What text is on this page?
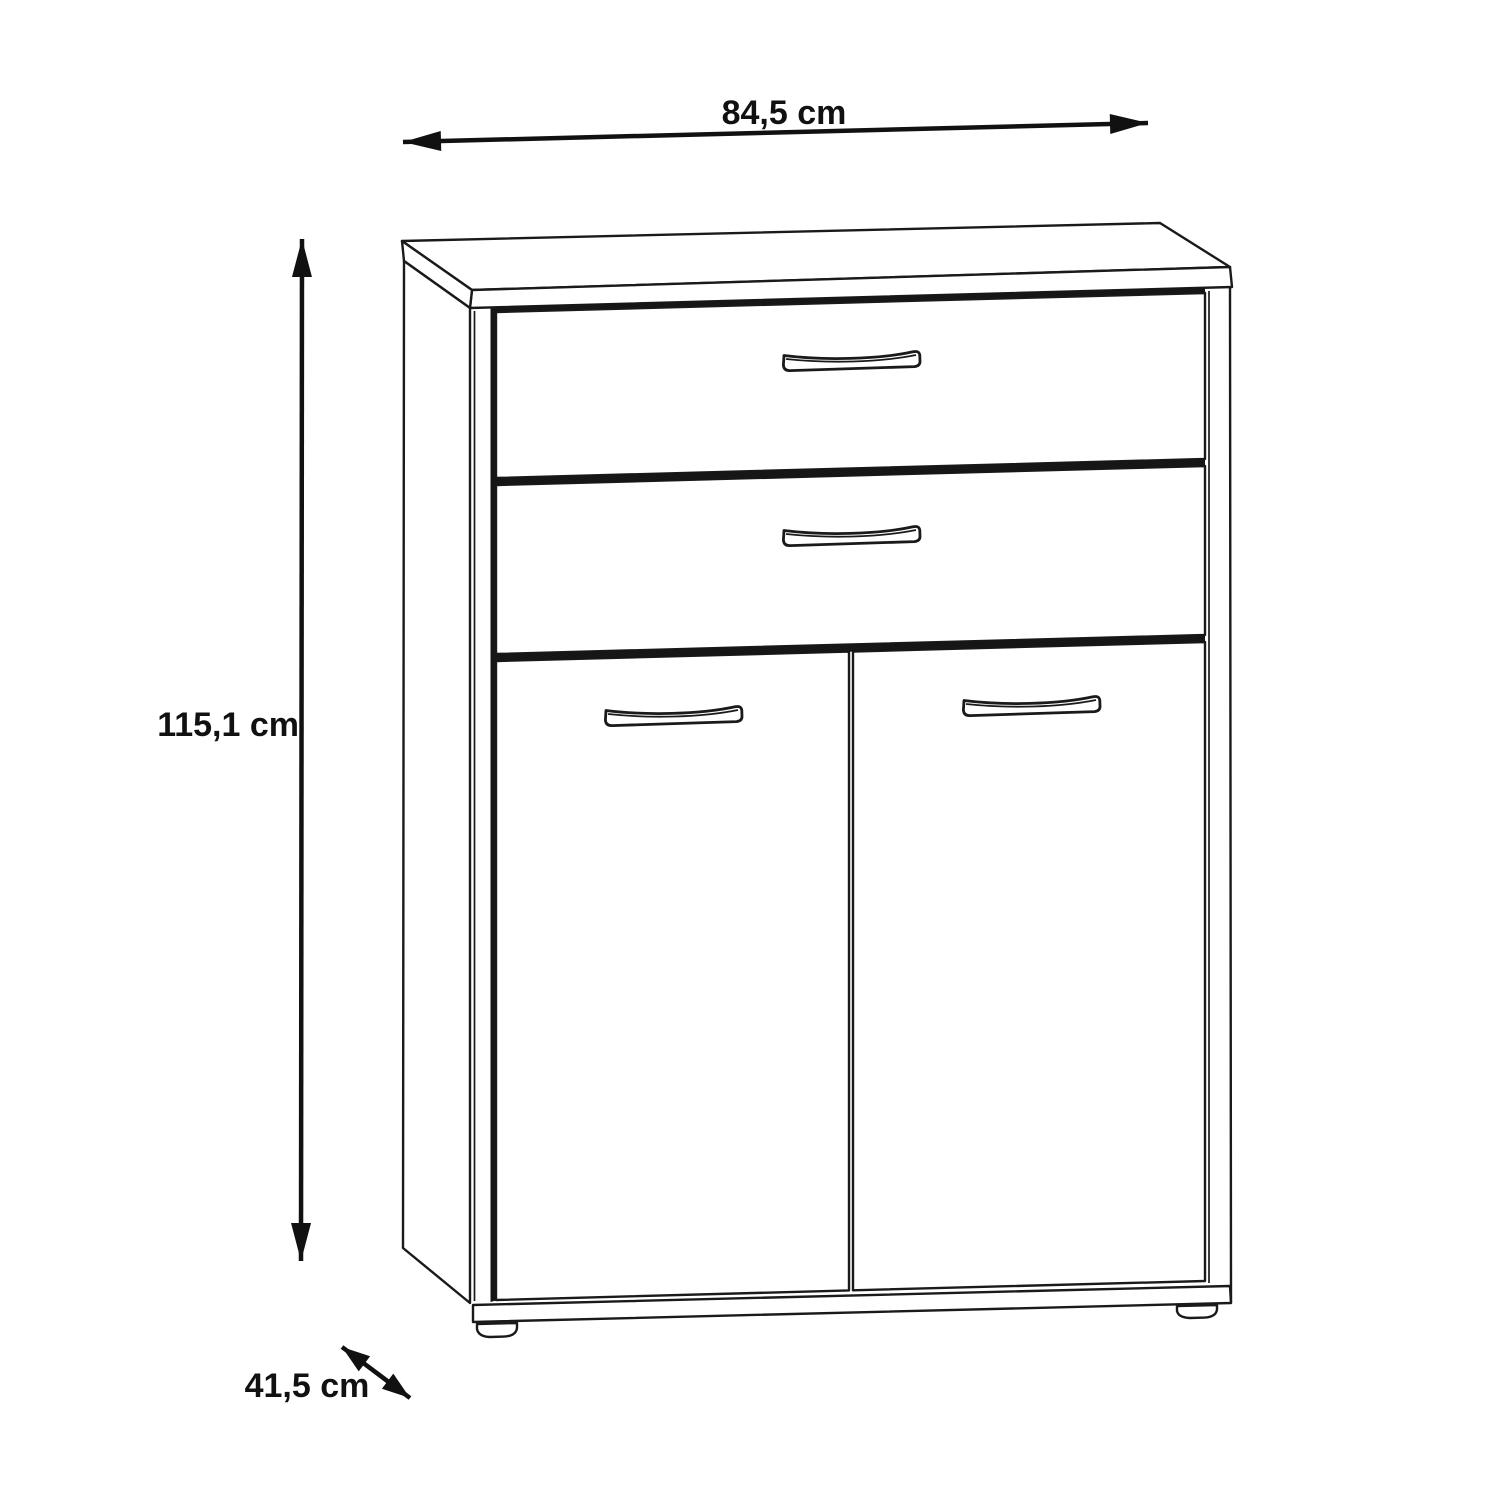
84,5 cm
115,1 cm
41,5 cm
